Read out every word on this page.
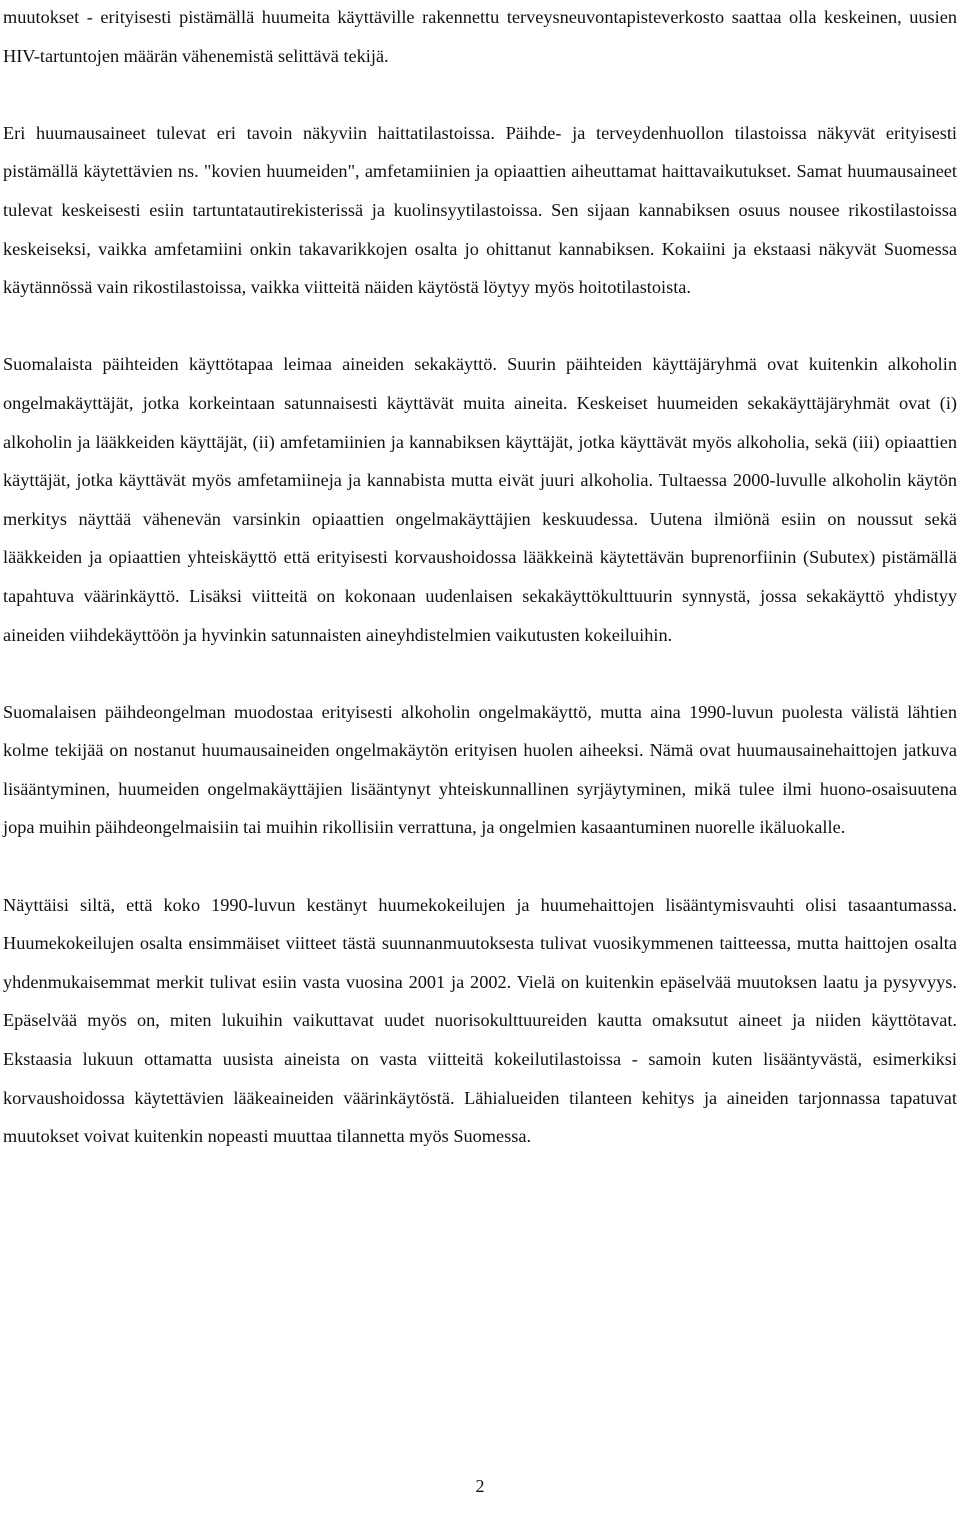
muutokset - erityisesti pistämällä huumeita käyttäville rakennettu terveysneuvontapisteverkosto saattaa olla keskeinen, uusien HIV-tartuntojen määrän vähenemistä selittävä tekijä.

Eri huumausaineet tulevat eri tavoin näkyviin haittatilastoissa. Päihde- ja terveydenhuollon tilastoissa näkyvät erityisesti pistämällä käytettävien ns. "kovien huumeiden", amfetamiinien ja opiaattien aiheuttamat haittavaikutukset. Samat huumausaineet tulevat keskeisesti esiin tartuntatautirekisterissä ja kuolinsyytilastoissa. Sen sijaan kannabiksen osuus nousee rikostilastoissa keskeiseksi, vaikka amfetamiini onkin takavarikkojen osalta jo ohittanut kannabiksen. Kokaiini ja ekstaasi näkyvät Suomessa käytännössä vain rikostilastoissa, vaikka viitteitä näiden käytöstä löytyy myös hoitotilastoista.

Suomalaista päihteiden käyttötapaa leimaa aineiden sekakäyttö. Suurin päihteiden käyttäjäryhmä ovat kuitenkin alkoholin ongelmakäyttäjät, jotka korkeintaan satunnaisesti käyttävät muita aineita. Keskeiset huumeiden sekakäyttäjäryhmät ovat (i) alkoholin ja lääkkeiden käyttäjät, (ii) amfetamiinien ja kannabiksen käyttäjät, jotka käyttävät myös alkoholia, sekä (iii) opiaattien käyttäjät, jotka käyttävät myös amfetamiineja ja kannabista mutta eivät juuri alkoholia. Tultaessa 2000-luvulle alkoholin käytön merkitys näyttää vähenevän varsinkin opiaattien ongelmakäyttäjien keskuudessa. Uutena ilmiönä esiin on noussut sekä lääkkeiden ja opiaattien yhteiskäyttö että erityisesti korvaushoidossa lääkkeinä käytettävän buprenorfiinin (Subutex) pistämällä tapahtuva väärinkäyttö. Lisäksi viitteitä on kokonaan uudenlaisen sekakäyttökulttuurin synnystä, jossa sekakäyttö yhdistyy aineiden viihdekäyttöön ja hyvinkin satunnaisten aineyhdistelmien vaikutusten kokeiluihin.

Suomalaisen päihdeongelman muodostaa erityisesti alkoholin ongelmakäyttö, mutta aina 1990-luvun puolesta välistä lähtien kolme tekijää on nostanut huumausaineiden ongelmakäytön erityisen huolen aiheeksi. Nämä ovat huumausainehaittojen jatkuva lisääntyminen, huumeiden ongelmakäyttäjien lisääntynyt yhteiskunnallinen syrjäytyminen, mikä tulee ilmi huono-osaisuutena jopa muihin päihdeongelmaisiin tai muihin rikollisiin verrattuna, ja ongelmien kasaantuminen nuorelle ikäluokalle.

Näyttäisi siltä, että koko 1990-luvun kestänyt huumekokeilujen ja huumehaittojen lisääntymisvauhti olisi tasaantumassa. Huumekokeilujen osalta ensimmäiset viitteet tästä suunnanmuutoksesta tulivat vuosikymmenen taitteessa, mutta haittojen osalta yhdenmukaisemmat merkit tulivat esiin vasta vuosina 2001 ja 2002. Vielä on kuitenkin epäselvää muutoksen laatu ja pysyvyys. Epäselvää myös on, miten lukuihin vaikuttavat uudet nuorisokulttuureiden kautta omaksutut aineet ja niiden käyttötavat. Ekstaasia lukuun ottamatta uusista aineista on vasta viitteitä kokeilutilastoissa - samoin kuten lisääntyvästä, esimerkiksi korvaushoidossa käytettävien lääkeaineiden väärinkäytöstä. Lähialueiden tilanteen kehitys ja aineiden tarjonnassa tapatuvat muutokset voivat kuitenkin nopeasti muuttaa tilannetta myös Suomessa.

2
